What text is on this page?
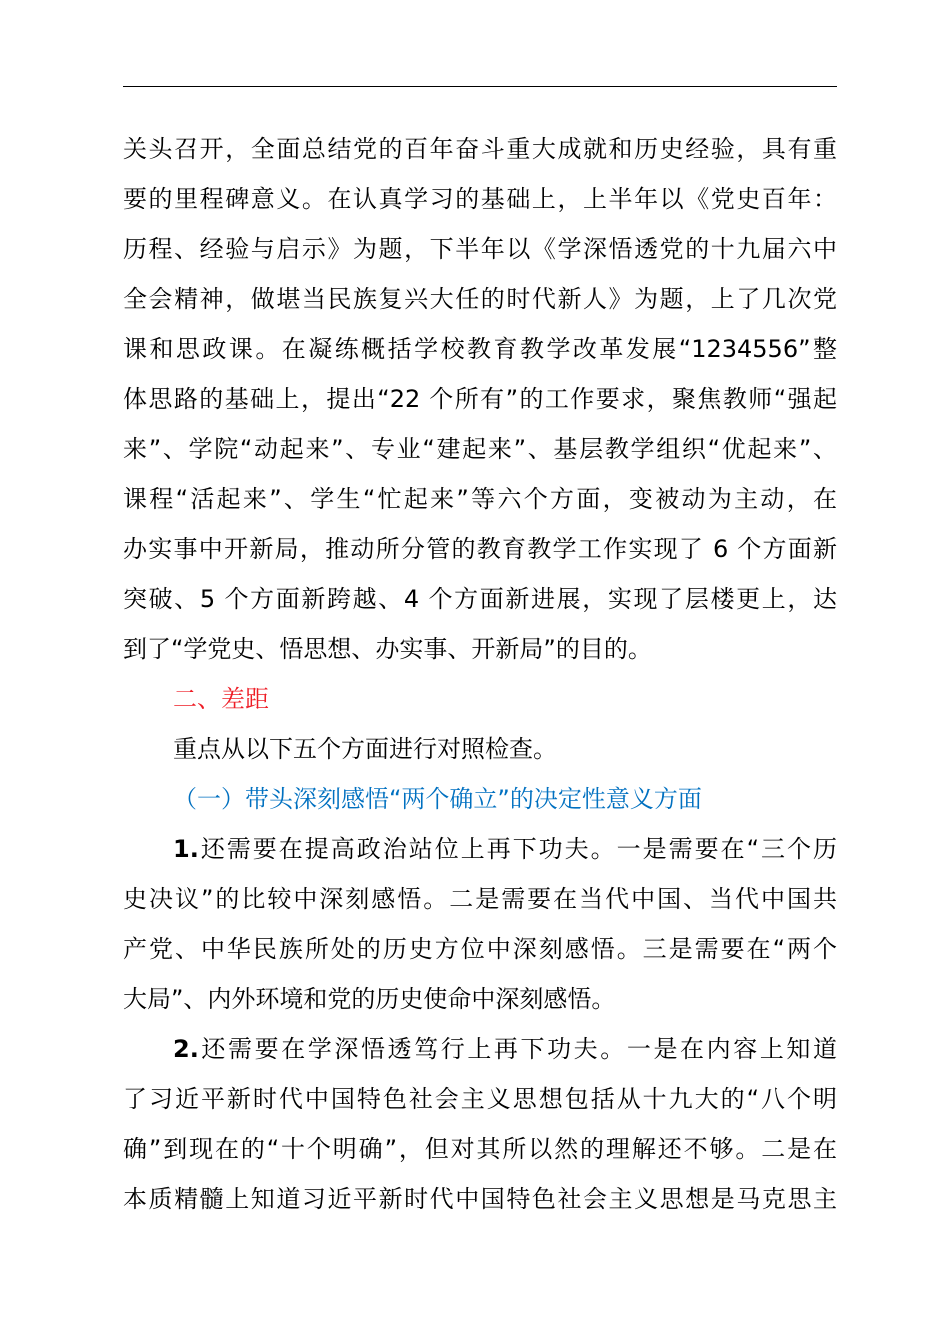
关头召开，全面总结党的百年奋斗重大成就和历史经验，具有重
要的里程碑意义。在认真学习的基础上，上半年以《党史百年：
历程、经验与启示》为题，下半年以《学深悟透党的十九届六中
全会精神，做堪当民族复兴大任的时代新人》为题，上了几次党
课和思政课。在凝练概括学校教育教学改革发展“1234556”整
体思路的基础上，提出“22 个所有”的工作要求，聚焦教师“强起
来”、学院“动起来”、专业“建起来”、基层教学组织“优起来”、
课程“活起来”、学生“忙起来”等六个方面，变被动为主动，在
办实事中开新局，推动所分管的教育教学工作实现了 6 个方面新
突破、5 个方面新跨越、4 个方面新进展，实现了层楼更上，达
到了“学党史、悟思想、办实事、开新局”的目的。
二、差距
重点从以下五个方面进行对照检查。
（一）带头深刻感悟“两个确立”的决定性意义方面
1.还需要在提高政治站位上再下功夫。一是需要在“三个历
史决议”的比较中深刻感悟。二是需要在当代中国、当代中国共
产党、中华民族所处的历史方位中深刻感悟。三是需要在“两个
大局”、内外环境和党的历史使命中深刻感悟。
2.还需要在学深悟透笃行上再下功夫。一是在内容上知道
了习近平新时代中国特色社会主义思想包括从十九大的“八个明
确”到现在的“十个明确”，但对其所以然的理解还不够。二是在
本质精髓上知道习近平新时代中国特色社会主义思想是马克思主
